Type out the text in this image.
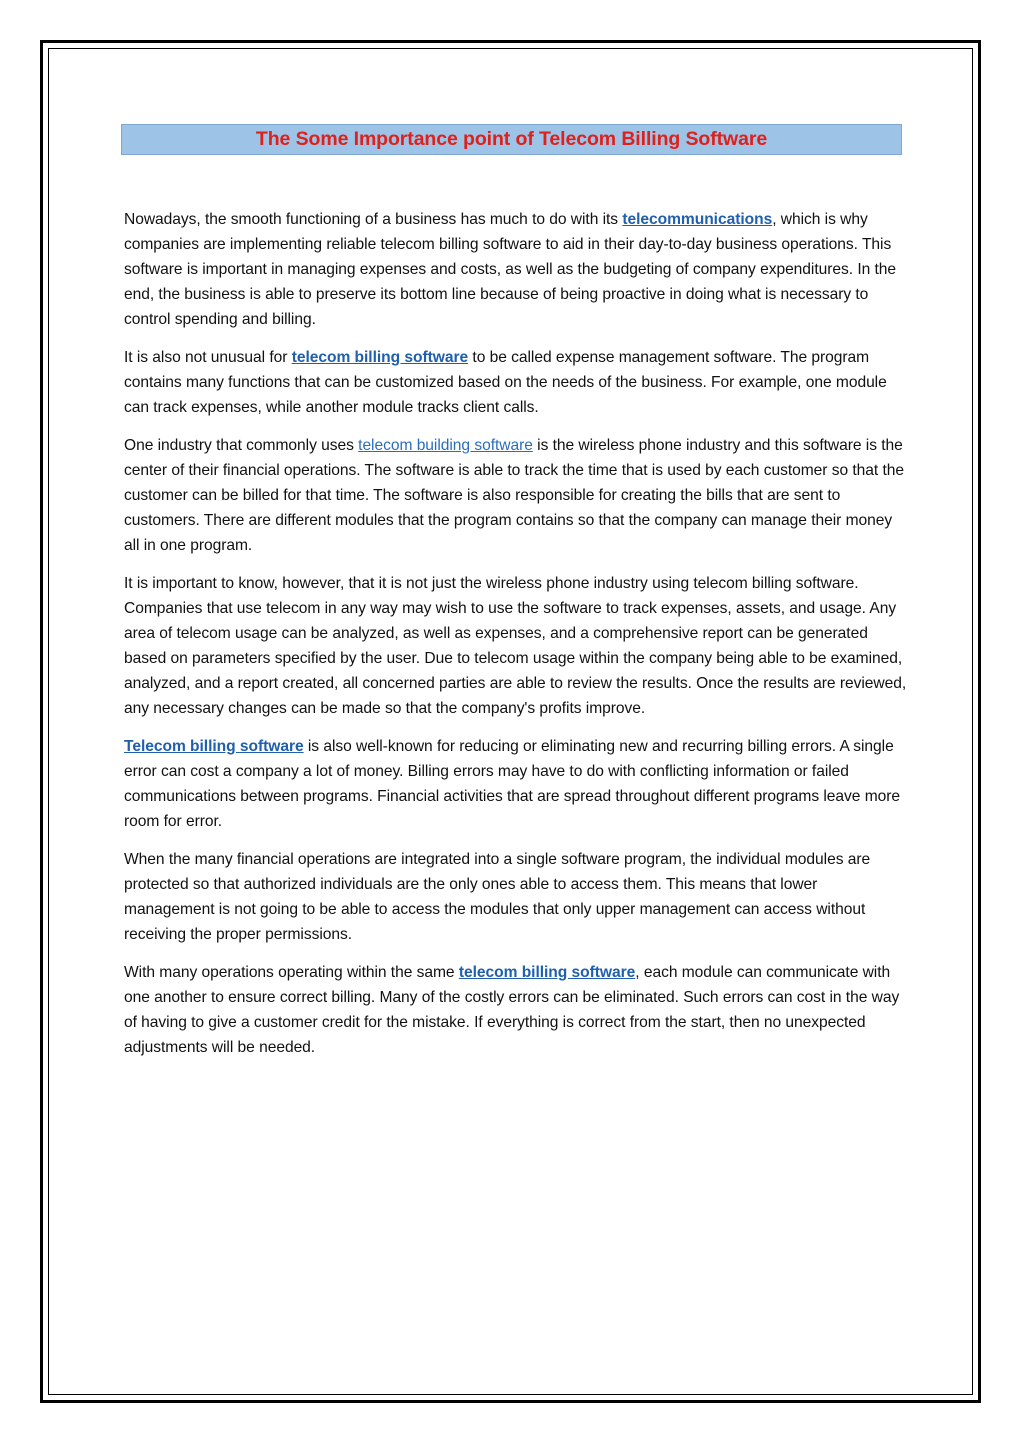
The Some Importance point of Telecom Billing Software

Nowadays, the smooth functioning of a business has much to do with its telecommunications, which is why companies are implementing reliable telecom billing software to aid in their day-to-day business operations. This software is important in managing expenses and costs, as well as the budgeting of company expenditures. In the end, the business is able to preserve its bottom line because of being proactive in doing what is necessary to control spending and billing.

It is also not unusual for telecom billing software to be called expense management software. The program contains many functions that can be customized based on the needs of the business. For example, one module can track expenses, while another module tracks client calls.

One industry that commonly uses telecom building software is the wireless phone industry and this software is the center of their financial operations. The software is able to track the time that is used by each customer so that the customer can be billed for that time. The software is also responsible for creating the bills that are sent to customers. There are different modules that the program contains so that the company can manage their money all in one program.

It is important to know, however, that it is not just the wireless phone industry using telecom billing software. Companies that use telecom in any way may wish to use the software to track expenses, assets, and usage. Any area of telecom usage can be analyzed, as well as expenses, and a comprehensive report can be generated based on parameters specified by the user. Due to telecom usage within the company being able to be examined, analyzed, and a report created, all concerned parties are able to review the results. Once the results are reviewed, any necessary changes can be made so that the company's profits improve.

Telecom billing software is also well-known for reducing or eliminating new and recurring billing errors. A single error can cost a company a lot of money. Billing errors may have to do with conflicting information or failed communications between programs. Financial activities that are spread throughout different programs leave more room for error.

When the many financial operations are integrated into a single software program, the individual modules are protected so that authorized individuals are the only ones able to access them. This means that lower management is not going to be able to access the modules that only upper management can access without receiving the proper permissions.

With many operations operating within the same telecom billing software, each module can communicate with one another to ensure correct billing. Many of the costly errors can be eliminated. Such errors can cost in the way of having to give a customer credit for the mistake. If everything is correct from the start, then no unexpected adjustments will be needed.
